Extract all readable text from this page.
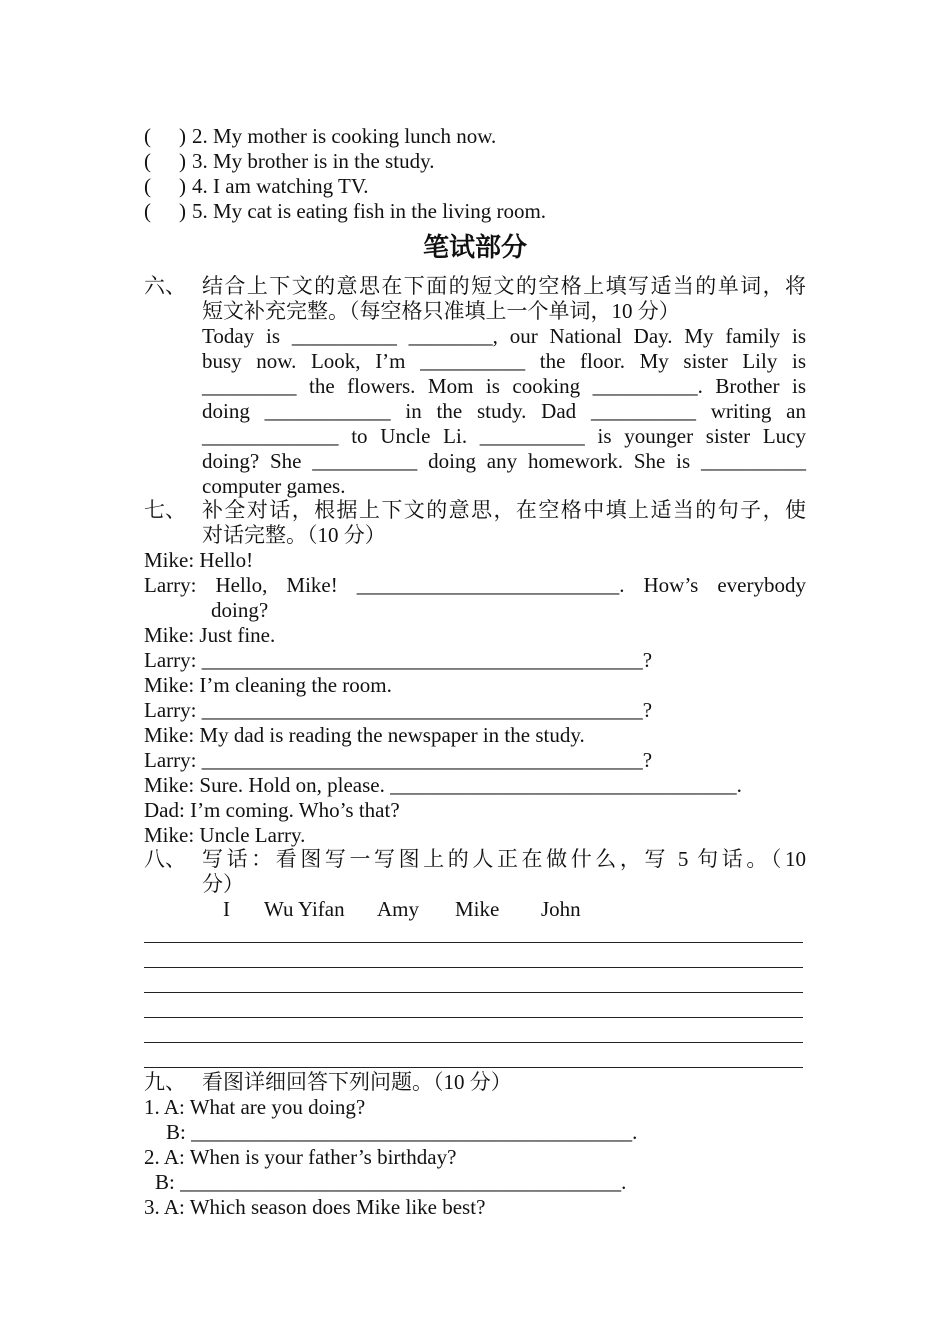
( ) 2. My mother is cooking lunch now.
( ) 3. My brother is in the study.
( ) 4. I am watching TV.
( ) 5. My cat is eating fish in the living room.
笔试部分
六、 结合上下文的意思在下面的短文的空格上填写适当的单词，将
短文补充完整。（每空格只准填上一个单词，10 分）
Today is __________ ________, our National Day. My family is
busy now. Look, I’m __________ the floor. My sister Lily is
_________ the flowers. Mom is cooking __________. Brother is
doing ____________ in the study. Dad __________ writing an
_____________ to Uncle Li. __________ is younger sister Lucy
doing? She __________ doing any homework. She is __________
computer games.
七、 补全对话，根据上下文的意思，在空格中填上适当的句子，使
对话完整。（10 分）
Mike: Hello!
Larry: Hello, Mike! _________________________. How’s everybody
doing?
Mike: Just fine.
Larry: __________________________________________?
Mike: I’m cleaning the room.
Larry: __________________________________________?
Mike: My dad is reading the newspaper in the study.
Larry: __________________________________________?
Mike: Sure. Hold on, please. _________________________________.
Dad: I’m coming. Who’s that?
Mike: Uncle Larry.
八、 写话：看图写一写图上的人正在做什么，写 5 句话。（10
分）
I Wu Yifan Amy Mike John
九、 看图详细回答下列问题。（10 分）
1. A: What are you doing?
B: __________________________________________.
2. A: When is your father’s birthday?
B: __________________________________________.
3. A: Which season does Mike like best?
